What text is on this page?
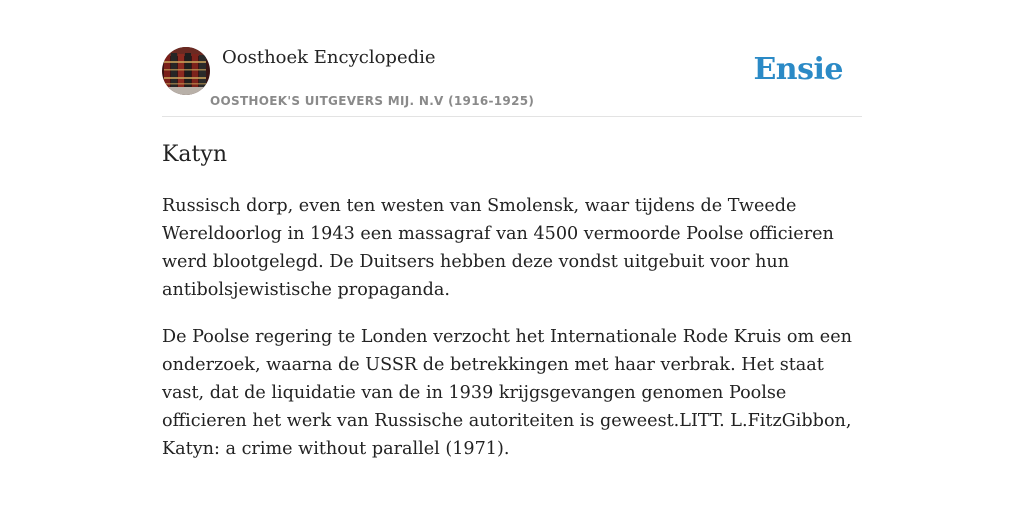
Oosthoek Encyclopedie
OOSTHOEK'S UITGEVERS MIJ. N.V (1916-1925)
Ensie
Katyn

Russisch dorp, even ten westen van Smolensk, waar tijdens de Tweede Wereldoorlog in 1943 een massagraf van 4500 vermoorde Poolse officieren werd blootgelegd. De Duitsers hebben deze vondst uitgebuit voor hun antibolsjewistische propaganda.

De Poolse regering te Londen verzocht het Internationale Rode Kruis om een onderzoek, waarna de USSR de betrekkingen met haar verbrak. Het staat vast, dat de liquidatie van de in 1939 krijgsgevangen genomen Poolse officieren het werk van Russische autoriteiten is geweest.LITT. L.FitzGibbon, Katyn: a crime without parallel (1971).
